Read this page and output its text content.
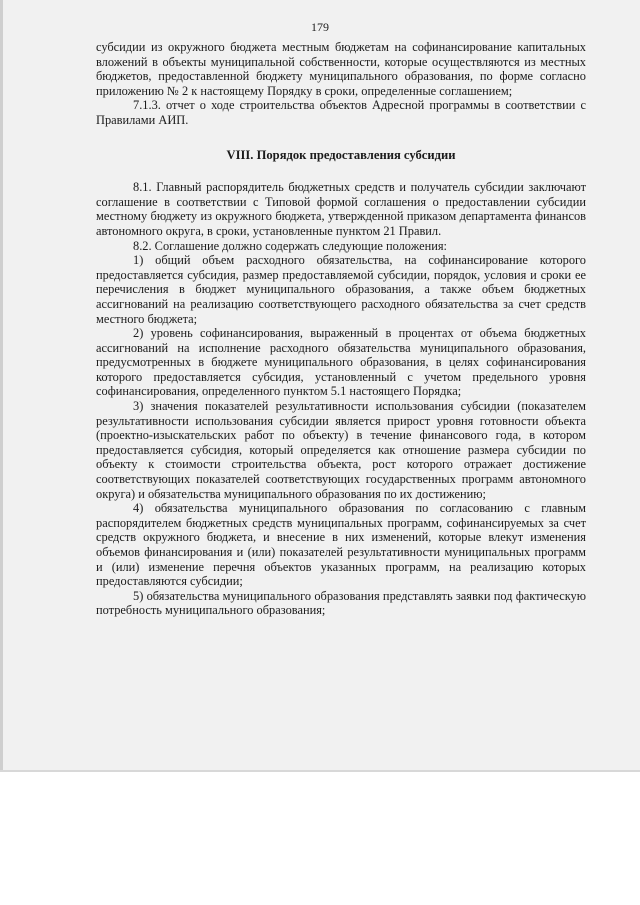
179

субсидии из окружного бюджета местным бюджетам на софинансирование капитальных вложений в объекты муниципальной собственности, которые осуществляются из местных бюджетов, предоставленной бюджету муниципального образования, по форме согласно приложению № 2 к настоящему Порядку в сроки, определенные соглашением;

7.1.3. отчет о ходе строительства объектов Адресной программы в соответствии с Правилами АИП.

VIII. Порядок предоставления субсидии

8.1. Главный распорядитель бюджетных средств и получатель субсидии заключают соглашение в соответствии с Типовой формой соглашения о предоставлении субсидии местному бюджету из окружного бюджета, утвержденной приказом департамента финансов автономного округа, в сроки, установленные пунктом 21 Правил.

8.2. Соглашение должно содержать следующие положения:

1) общий объем расходного обязательства, на софинансирование которого предоставляется субсидия, размер предоставляемой субсидии, порядок, условия и сроки ее перечисления в бюджет муниципального образования, а также объем бюджетных ассигнований на реализацию соответствующего расходного обязательства за счет средств местного бюджета;

2) уровень софинансирования, выраженный в процентах от объема бюджетных ассигнований на исполнение расходного обязательства муниципального образования, предусмотренных в бюджете муниципального образования, в целях софинансирования которого предоставляется субсидия, установленный с учетом предельного уровня софинансирования, определенного пунктом 5.1 настоящего Порядка;

3) значения показателей результативности использования субсидии (показателем результативности использования субсидии является прирост уровня готовности объекта (проектно-изыскательских работ по объекту) в течение финансового года, в котором предоставляется субсидия, который определяется как отношение размера субсидии по объекту к стоимости строительства объекта, рост которого отражает достижение соответствующих показателей соответствующих государственных программ автономного округа) и обязательства муниципального образования по их достижению;

4) обязательства муниципального образования по согласованию с главным распорядителем бюджетных средств муниципальных программ, софинансируемых за счет средств окружного бюджета, и внесение в них изменений, которые влекут изменения объемов финансирования и (или) показателей результативности муниципальных программ и (или) изменение перечня объектов указанных программ, на реализацию которых предоставляются субсидии;

5) обязательства муниципального образования представлять заявки под фактическую потребность муниципального образования;
